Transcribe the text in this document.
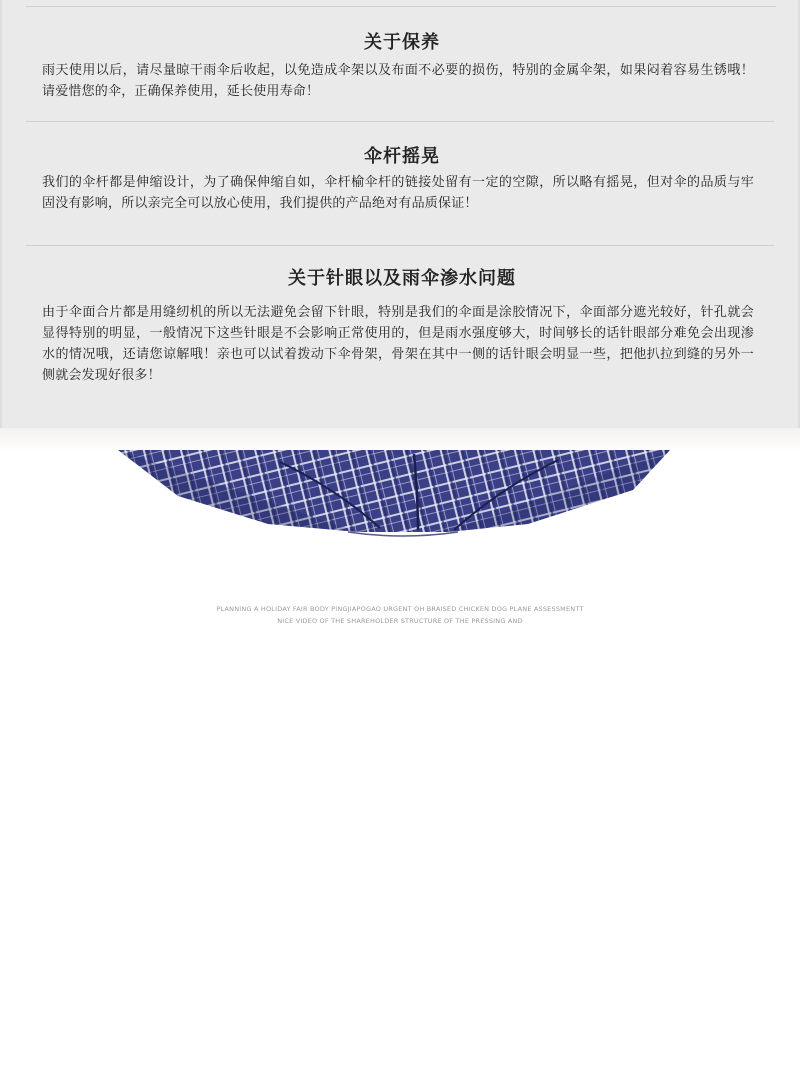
关于保养
雨天使用以后，请尽量晾干雨伞后收起，以免造成伞架以及布面不必要的损伤，特别的金属伞架，如果闷着容易生锈哦！请爱惜您的伞，正确保养使用，延长使用寿命！
伞杆摇晃
我们的伞杆都是伸缩设计，为了确保伸缩自如，伞杆榆伞杆的链接处留有一定的空隙，所以略有摇晃，但对伞的品质与牢固没有影响，所以亲完全可以放心使用，我们提供的产品绝对有品质保证！
关于针眼以及雨伞渗水问题
由于伞面合片都是用缝纫机的所以无法避免会留下针眼，特别是我们的伞面是涂胶情况下，伞面部分遮光较好，针孔就会显得特别的明显，一般情况下这些针眼是不会影响正常使用的，但是雨水强度够大，时间够长的话针眼部分难免会出现渗水的情况哦，还请您谅解哦！亲也可以试着拨动下伞骨架，骨架在其中一侧的话针眼会明显一些，把他扒拉到缝的另外一侧就会发现好很多！
PLANNING A HOLIDAY FAIR BODY PINGJIAPOGAO URGENT OH BRAISED CHICKEN DOG PLANE ASSESSMENTT
NICE VIDEO OF THE SHAREHOLDER STRUCTURE OF THE PRESSING AND
